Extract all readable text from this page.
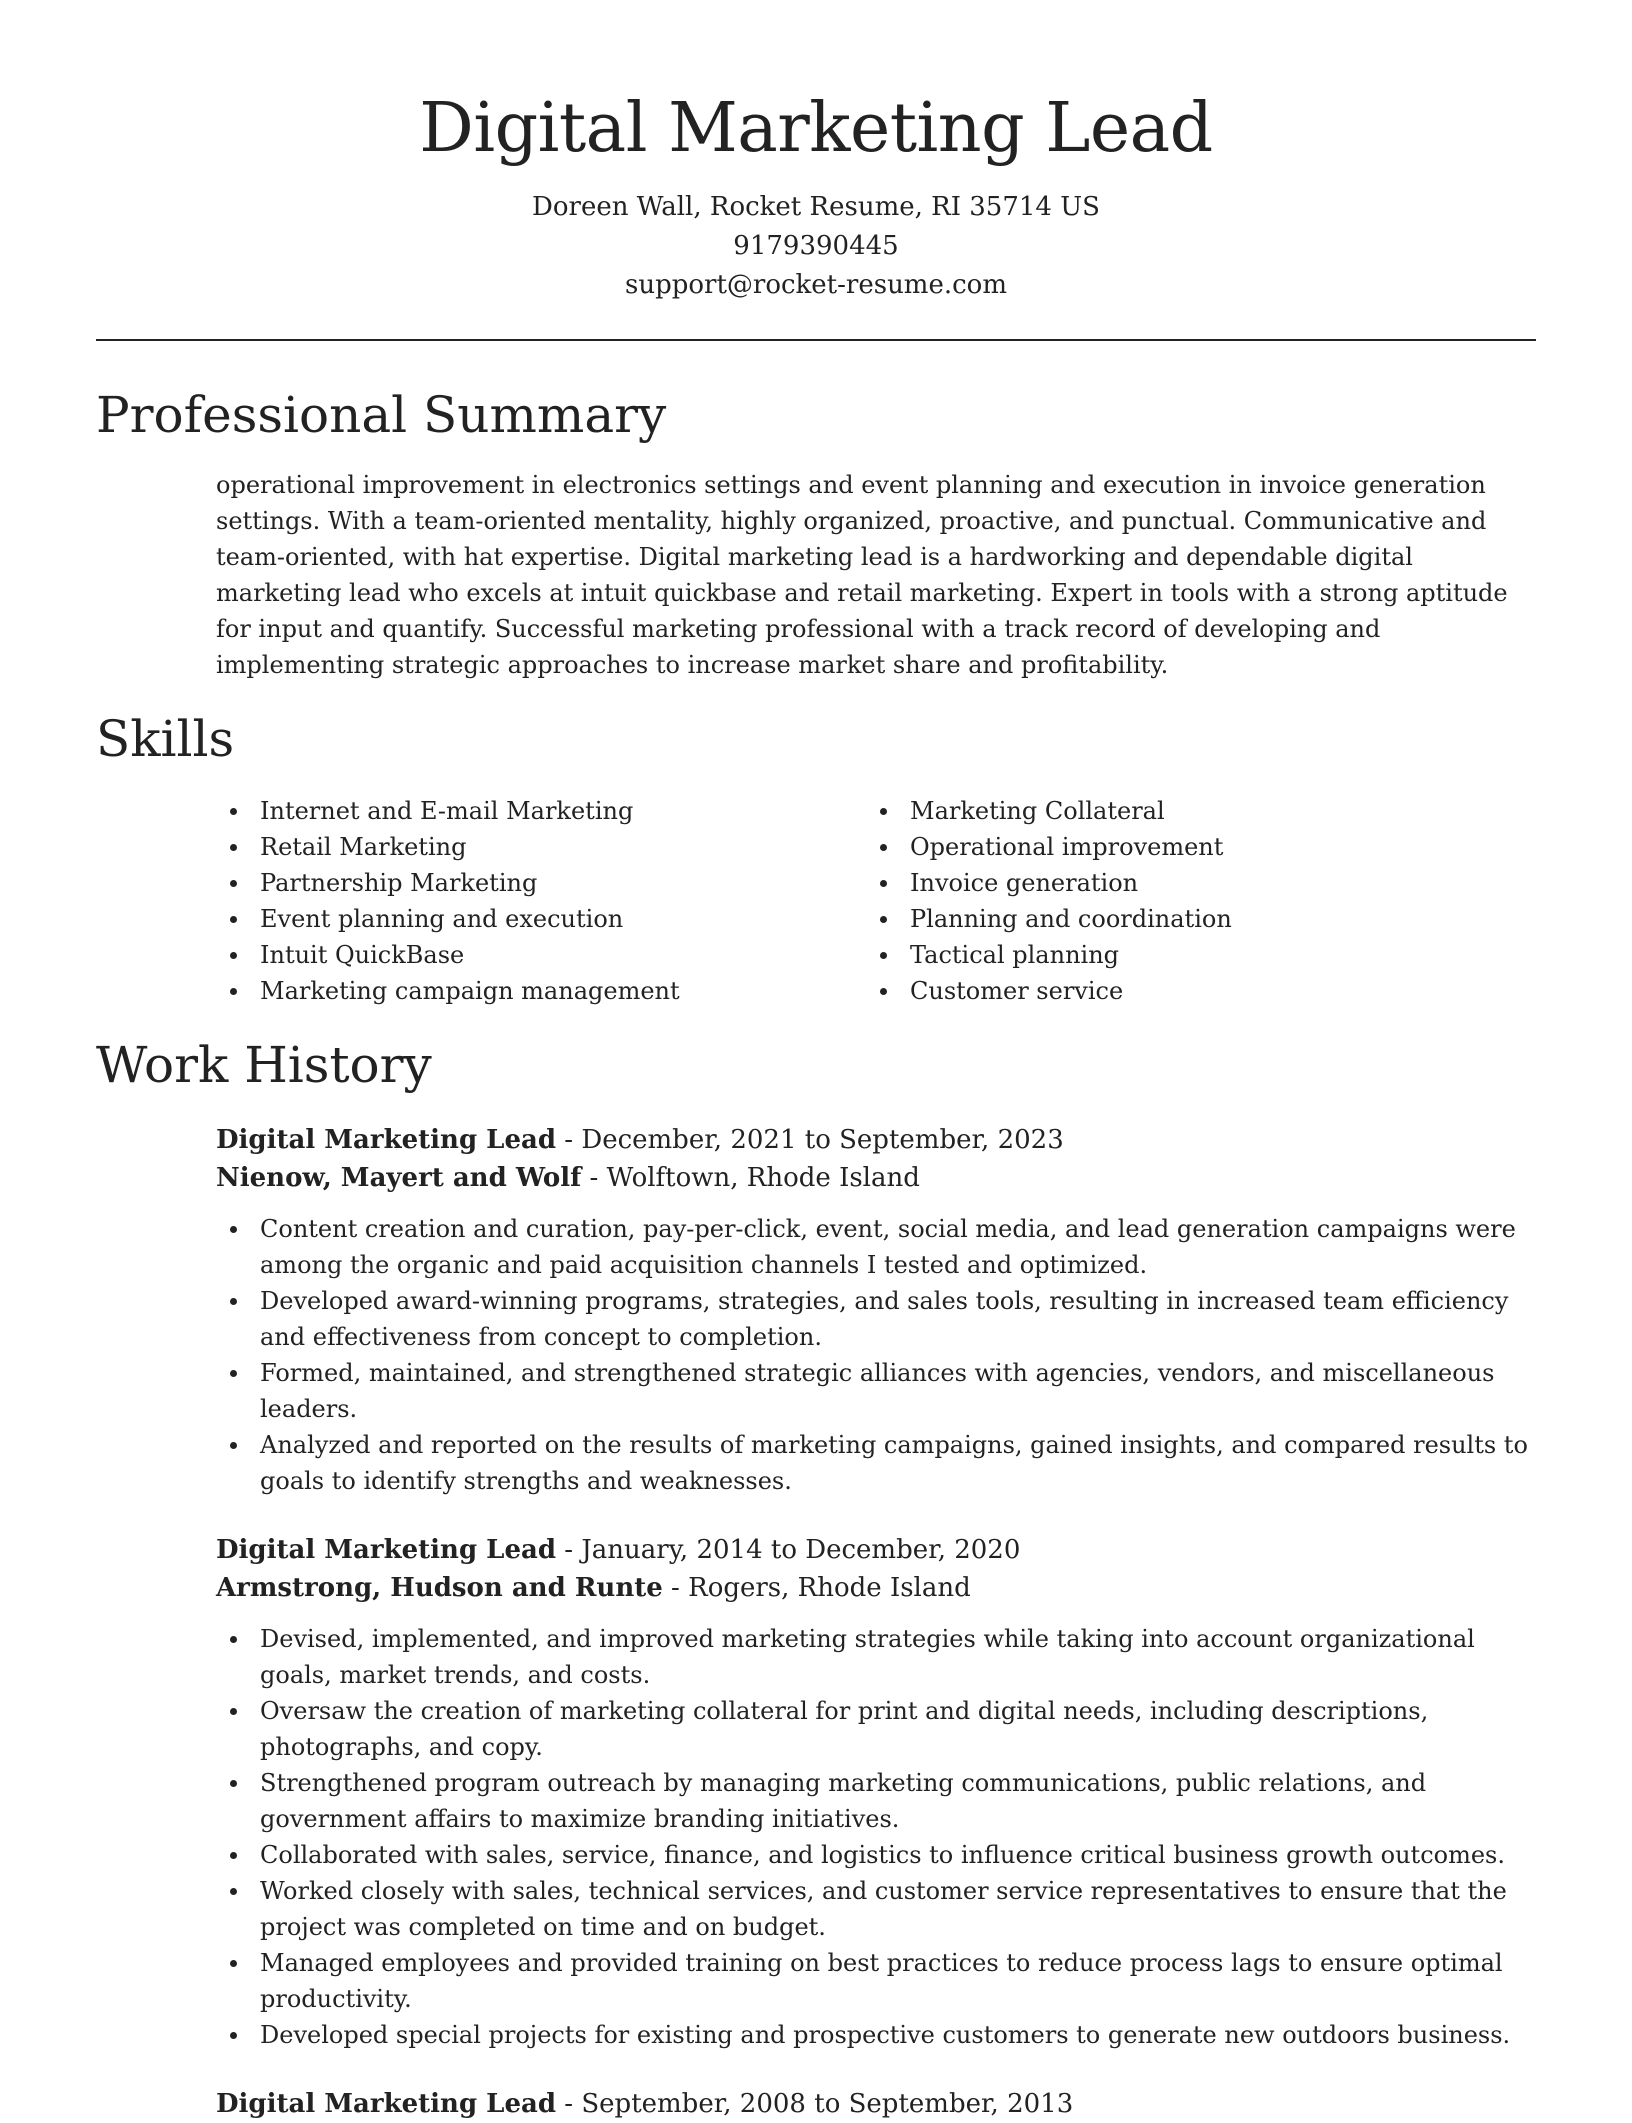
Digital Marketing Lead
Doreen Wall, Rocket Resume, RI 35714 US
9179390445
support@rocket-resume.com
Professional Summary

operational improvement in electronics settings and event planning and execution in invoice generation settings. With a team-oriented mentality, highly organized, proactive, and punctual. Communicative and team-oriented, with hat expertise. Digital marketing lead is a hardworking and dependable digital marketing lead who excels at intuit quickbase and retail marketing. Expert in tools with a strong aptitude for input and quantify. Successful marketing professional with a track record of developing and implementing strategic approaches to increase market share and profitability.

Skills
Internet and E-mail Marketing
Retail Marketing
Partnership Marketing
Event planning and execution
Intuit QuickBase
Marketing campaign management
Marketing Collateral
Operational improvement
Invoice generation
Planning and coordination
Tactical planning
Customer service
Work History
Digital Marketing Lead - December, 2021 to September, 2023
Nienow, Mayert and Wolf - Wolftown, Rhode Island
Content creation and curation, pay-per-click, event, social media, and lead generation campaigns were among the organic and paid acquisition channels I tested and optimized.
Developed award-winning programs, strategies, and sales tools, resulting in increased team efficiency and effectiveness from concept to completion.
Formed, maintained, and strengthened strategic alliances with agencies, vendors, and miscellaneous leaders.
Analyzed and reported on the results of marketing campaigns, gained insights, and compared results to goals to identify strengths and weaknesses.
Digital Marketing Lead - January, 2014 to December, 2020
Armstrong, Hudson and Runte - Rogers, Rhode Island
Devised, implemented, and improved marketing strategies while taking into account organizational goals, market trends, and costs.
Oversaw the creation of marketing collateral for print and digital needs, including descriptions, photographs, and copy.
Strengthened program outreach by managing marketing communications, public relations, and government affairs to maximize branding initiatives.
Collaborated with sales, service, finance, and logistics to influence critical business growth outcomes.
Worked closely with sales, technical services, and customer service representatives to ensure that the project was completed on time and on budget.
Managed employees and provided training on best practices to reduce process lags to ensure optimal productivity.
Developed special projects for existing and prospective customers to generate new outdoors business.
Digital Marketing Lead - September, 2008 to September, 2013
